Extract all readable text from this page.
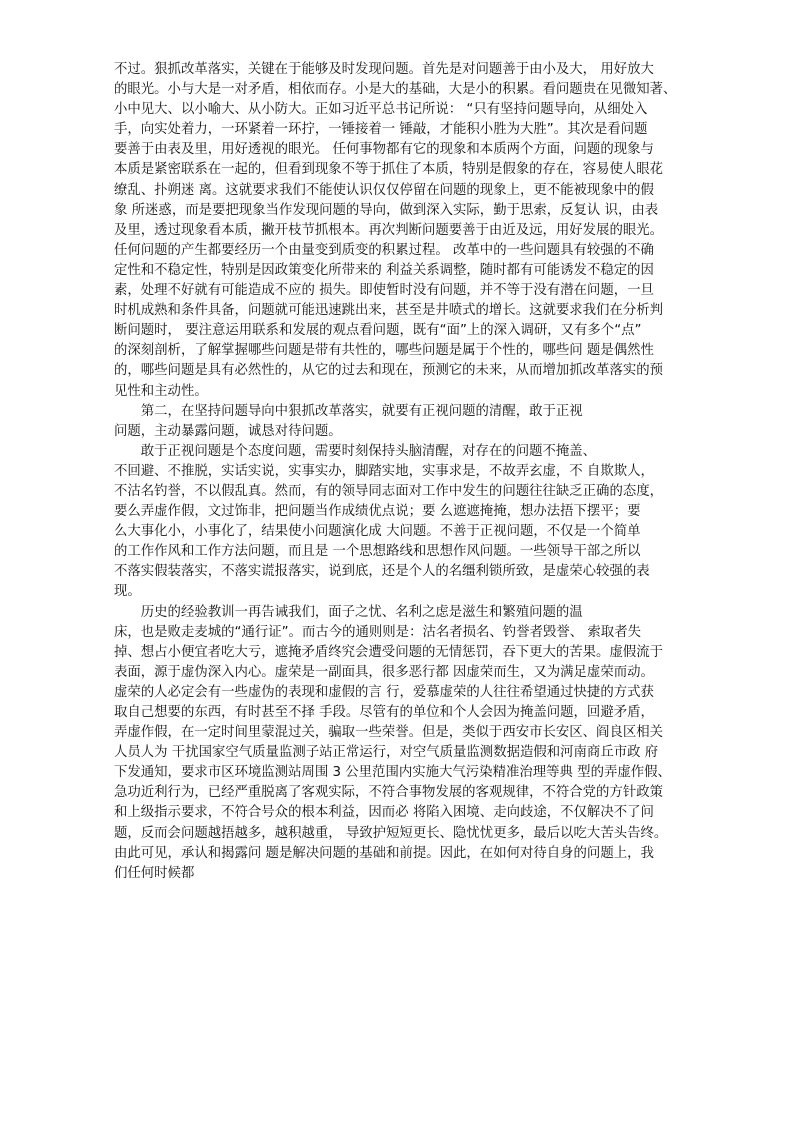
不过。狠抓改革落实，关键在于能够及时发现问题。首先是对问题善于由小及大， 用好放大
的眼光。小与大是一对矛盾，相依而存。小是大的基础，大是小的积累。看问题贵在见微知著、
小中见大、以小喻大、从小防大。正如习近平总书记所说： “只有坚持问题导向，从细处入
手，向实处着力，一环紧着一环拧，一锤接着一 锤敲，才能积小胜为大胜”。其次是看问题
要善于由表及里，用好透视的眼光。 任何事物都有它的现象和本质两个方面，问题的现象与
本质是紧密联系在一起的，但看到现象不等于抓住了本质，特别是假象的存在，容易使人眼花
缭乱、扑朔迷 离。这就要求我们不能使认识仅仅停留在问题的现象上，更不能被现象中的假
象 所迷惑，而是要把现象当作发现问题的导向，做到深入实际，勤于思索，反复认 识，由表
及里，透过现象看本质，撇开枝节抓根本。再次判断问题要善于由近及远，用好发展的眼光。
任何问题的产生都要经历一个由量变到质变的积累过程。 改革中的一些问题具有较强的不确
定性和不稳定性，特别是因政策变化所带来的 利益关系调整，随时都有可能诱发不稳定的因
素，处理不好就有可能造成不应的 损失。即使暂时没有问题，并不等于没有潜在问题，一旦
时机成熟和条件具备，问题就可能迅速跳出来，甚至是井喷式的增长。这就要求我们在分析判
断问题时， 要注意运用联系和发展的观点看问题，既有“面”上的深入调研，又有多个“点”
的深刻剖析，了解掌握哪些问题是带有共性的，哪些问题是属于个性的，哪些问 题是偶然性
的，哪些问题是具有必然性的，从它的过去和现在，预测它的未来，从而增加抓改革落实的预
见性和主动性。
　　第二，在坚持问题导向中狠抓改革落实，就要有正视问题的清醒，敢于正视
问题，主动暴露问题，诚恳对待问题。
　　敢于正视问题是个态度问题，需要时刻保持头脑清醒，对存在的问题不掩盖、
不回避、不推脱，实话实说，实事实办，脚踏实地，实事求是，不故弄玄虚，不 自欺欺人，
不沽名钓誉，不以假乱真。然而，有的领导同志面对工作中发生的问题往往缺乏正确的态度，
要么弄虚作假，文过饰非，把问题当作成绩优点说；要 么遮遮掩掩，想办法捂下摆平；要
么大事化小，小事化了，结果使小问题演化成 大问题。不善于正视问题，不仅是一个简单
的工作作风和工作方法问题，而且是 一个思想路线和思想作风问题。一些领导干部之所以
不落实假装落实，不落实谎报落实，说到底，还是个人的名缰利锁所致，是虚荣心较强的表
现。
　　历史的经验教训一再告诫我们，面子之忧、名利之虑是滋生和繁殖问题的温
床，也是败走麦城的“通行证”。而古今的通则则是：沽名者损名、钓誉者毁誉、 索取者失
掉、想占小便宜者吃大亏，遮掩矛盾终究会遭受问题的无情惩罚，吞下更大的苦果。虚假流于
表面，源于虚伪深入内心。虚荣是一副面具，很多恶行都 因虚荣而生，又为满足虚荣而动。
虚荣的人必定会有一些虚伪的表现和虚假的言 行，爱慕虚荣的人往往希望通过快捷的方式获
取自己想要的东西，有时甚至不择 手段。尽管有的单位和个人会因为掩盖问题，回避矛盾，
弄虚作假，在一定时间里蒙混过关，骗取一些荣誉。但是，类似于西安市长安区、阎良区相关
人员人为 干扰国家空气质量监测子站正常运行，对空气质量监测数据造假和河南商丘市政 府
下发通知，要求市区环境监测站周围 3 公里范围内实施大气污染精准治理等典 型的弄虚作假、
急功近利行为，已经严重脱离了客观实际，不符合事物发展的客观规律，不符合党的方针政策
和上级指示要求，不符合号众的根本利益，因而必 将陷入困境、走向歧途，不仅解决不了问
题，反而会问题越捂越多，越积越重， 导致护短短更长、隐忧忧更多，最后以吃大苦头告终。
由此可见，承认和揭露问 题是解决问题的基础和前提。因此，在如何对待自身的问题上，我
们任何时候都
